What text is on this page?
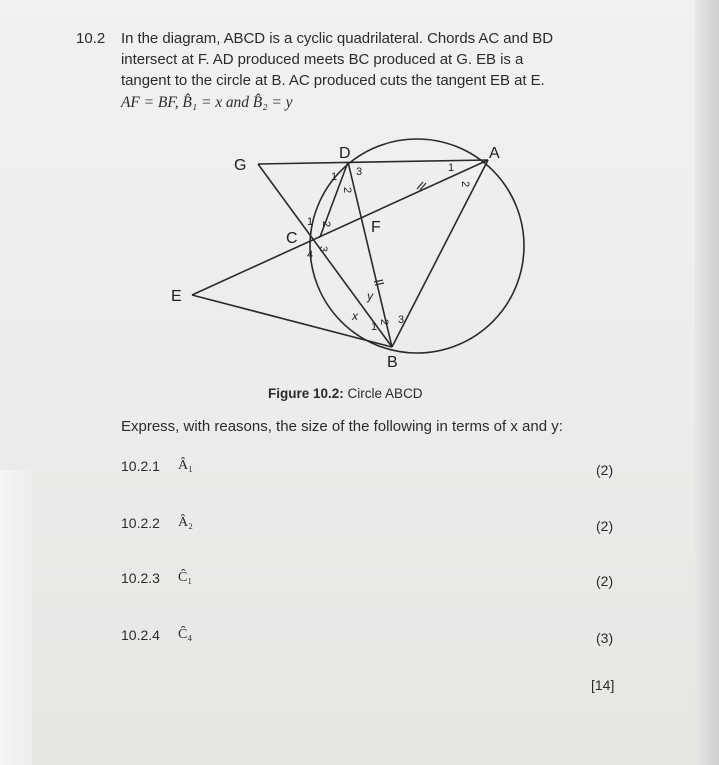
10.2 In the diagram, ABCD is a cyclic quadrilateral. Chords AC and BD
intersect at F. AD produced meets BC produced at G. EB is a
tangent to the circle at B. AC produced cuts the tangent EB at E.
AF = BF, B̂₁ = x and B̂₂ = y
G
D	A
C
F
E
B
1
2
3
1 2
3
4
1
2
1 2 3
x
y
Figure 10.2: Circle ABCD
Express, with reasons, the size of the following in terms of x and y:
10.2.1 Â₁	(2)
10.2.2 Â₂	(2)
10.2.3 Ĉ₁	(2)
10.2.4 Ĉ₄	(3)
[14]
